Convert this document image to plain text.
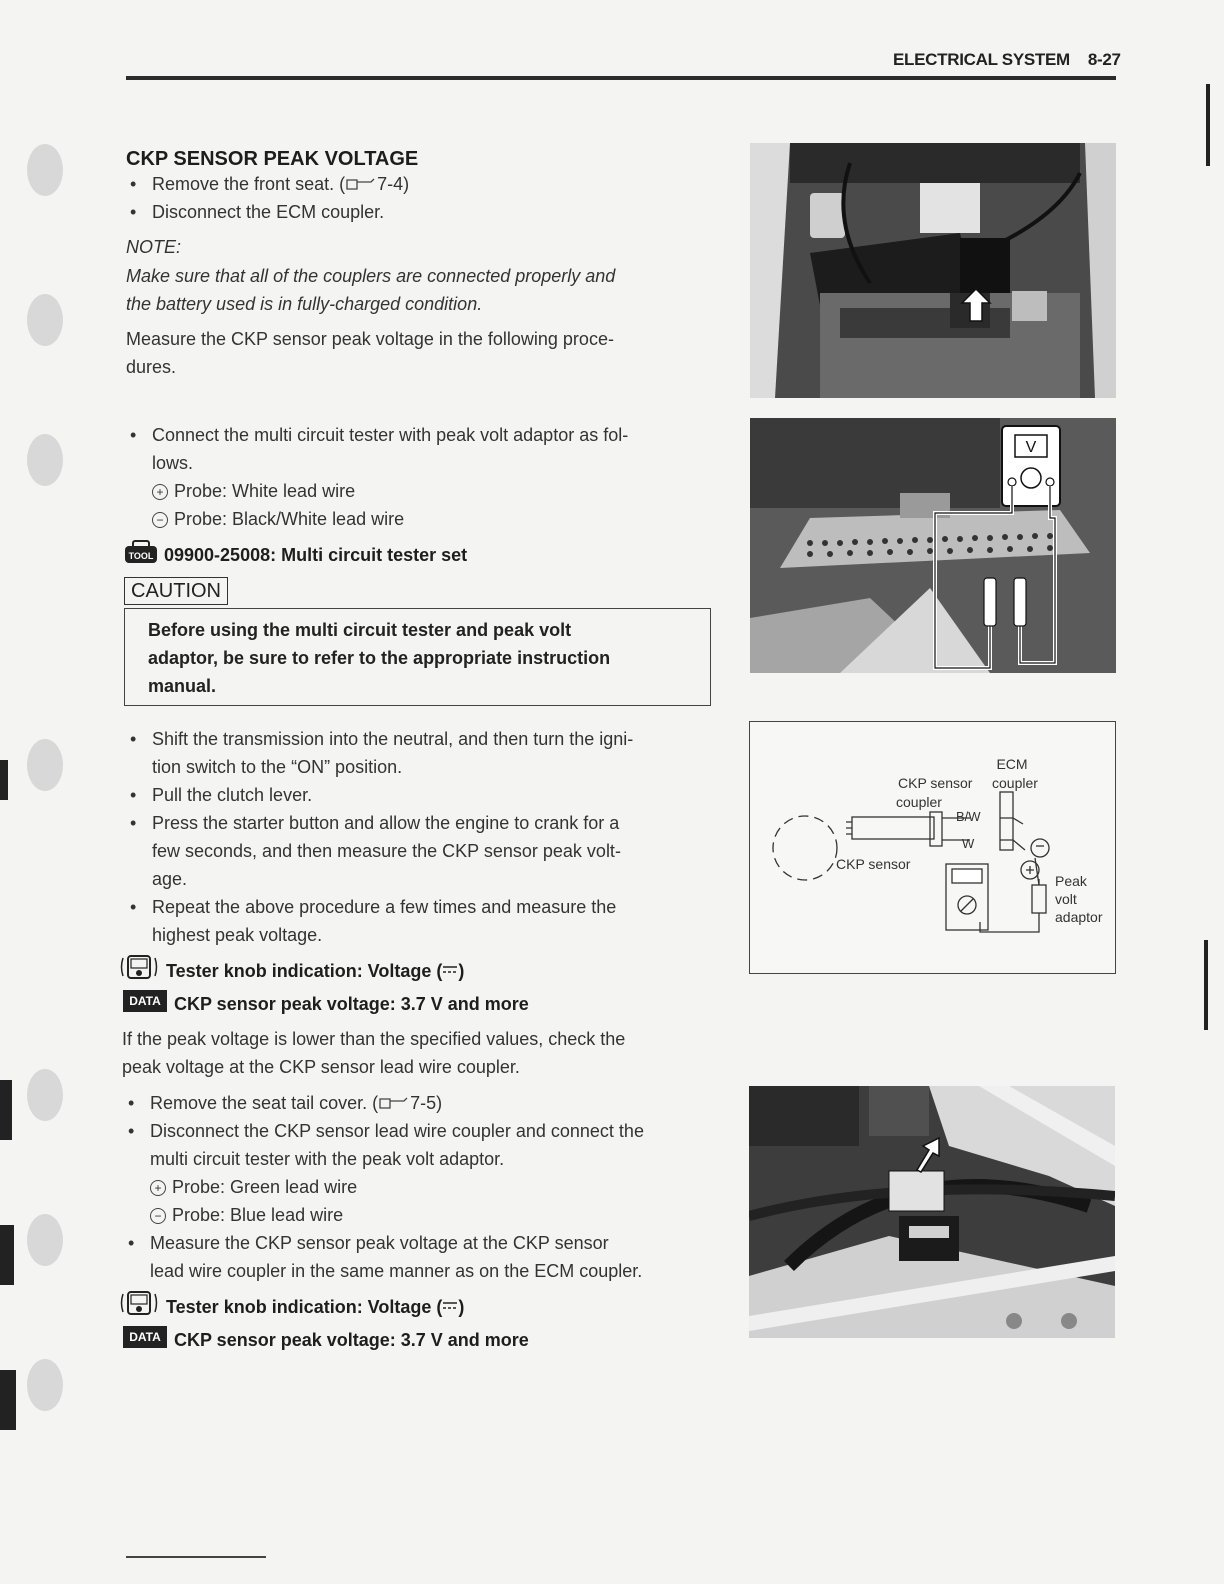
ELECTRICAL SYSTEM 8-27
CKP SENSOR PEAK VOLTAGE
• Remove the front seat. ( 7-4)
• Disconnect the ECM coupler.
NOTE:
Make sure that all of the couplers are connected properly and
the battery used is in fully-charged condition.
Measure the CKP sensor peak voltage in the following proce-
dures.
• Connect the multi circuit tester with peak volt adaptor as fol-
lows.
+ Probe: White lead wire
− Probe: Black/White lead wire
TOOL 09900-25008: Multi circuit tester set
CAUTION
Before using the multi circuit tester and peak volt
adaptor, be sure to refer to the appropriate instruction
manual.
• Shift the transmission into the neutral, and then turn the igni-
tion switch to the “ON” position.
• Pull the clutch lever.
• Press the starter button and allow the engine to crank for a
few seconds, and then measure the CKP sensor peak volt-
age.
• Repeat the above procedure a few times and measure the
highest peak voltage.
Tester knob indication: Voltage ( )
DATA CKP sensor peak voltage: 3.7 V and more
If the peak voltage is lower than the specified values, check the
peak voltage at the CKP sensor lead wire coupler.
• Remove the seat tail cover. ( 7-5)
• Disconnect the CKP sensor lead wire coupler and connect the
multi circuit tester with the peak volt adaptor.
+ Probe: Green lead wire
− Probe: Blue lead wire
• Measure the CKP sensor peak voltage at the CKP sensor
lead wire coupler in the same manner as on the ECM coupler.
Tester knob indication: Voltage ( )
DATA CKP sensor peak voltage: 3.7 V and more
V
ECM
coupler
CKP sensor
coupler
B/W
W
CKP sensor
Peak
volt
adaptor
